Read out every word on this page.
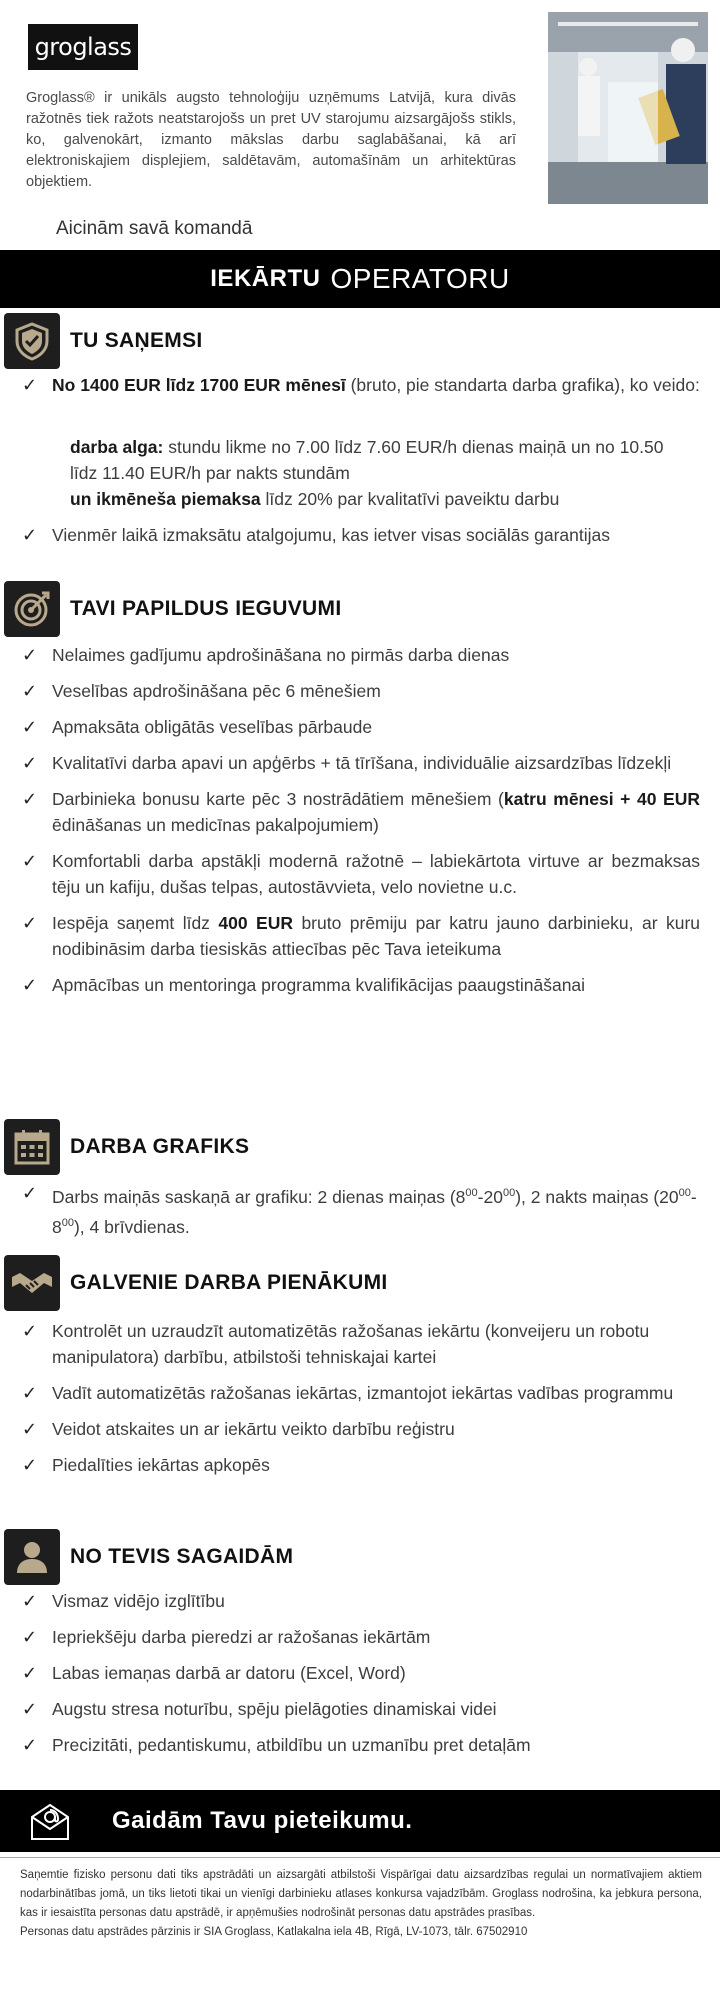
groglass

Groglass® ir unikāls augsto tehnoloģiju uzņēmums Latvijā, kura divās ražotnēs tiek ražots neatstarojošs un pret UV starojumu aizsargājošs stikls, ko, galvenokārt, izmanto mākslas darbu saglabāšanai, kā arī elektroniskajiem displejiem, saldētavām, automašīnām un arhitektūras objektiem.

Aicinām savā komandā
IEKĀRTU OPERATORU
TU SAŅEMSI
✓ No 1400 EUR līdz 1700 EUR mēnesī (bruto, pie standarta darba grafika), ko veido:
darba alga: stundu likme no 7.00 līdz 7.60 EUR/h dienas maiņā un no 10.50 līdz 11.40 EUR/h par nakts stundām
un ikmēneša piemaksa līdz 20% par kvalitatīvi paveiktu darbu
✓ Vienmēr laikā izmaksātu atalgojumu, kas ietver visas sociālās garantijas
TAVI PAPILDUS IEGUVUMI
✓ Nelaimes gadījumu apdrošināšana no pirmās darba dienas
✓ Veselības apdrošināšana pēc 6 mēnešiem
✓ Apmaksāta obligātās veselības pārbaude
✓ Kvalitatīvi darba apavi un apģērbs + tā tīrīšana, individuālie aizsardzības līdzekļi
✓ Darbinieka bonusu karte pēc 3 nostrādātiem mēnešiem (katru mēnesi + 40 EUR ēdināšanas un medicīnas pakalpojumiem)
✓ Komfortabli darba apstākļi modernā ražotnē – labiekārtota virtuve ar bezmaksas tēju un kafiju, dušas telpas, autostāvvieta, velo novietne u.c.
✓ Iespēja saņemt līdz 400 EUR bruto prēmiju par katru jauno darbinieku, ar kuru nodibināsim darba tiesiskās attiecības pēc Tava ieteikuma
✓ Apmācības un mentoringa programma kvalifikācijas paaugstināšanai
DARBA GRAFIKS
✓ Darbs maiņās saskaņā ar grafiku: 2 dienas maiņas $(8^{00}-20^{00})$, 2 nakts maiņas $(20^{00}-8^{00})$, 4 brīvdienas.
GALVENIE DARBA PIENĀKUMI
✓ Kontrolēt un uzraudzīt automatizētās ražošanas iekārtu (konveijeru un robotu manipulatora) darbību, atbilstoši tehniskajai kartei
✓ Vadīt automatizētās ražošanas iekārtas, izmantojot iekārtas vadības programmu
✓ Veidot atskaites un ar iekārtu veikto darbību reģistru
✓ Piedalīties iekārtas apkopēs
NO TEVIS SAGAIDĀM
✓ Vismaz vidējo izglītību
✓ Iepriekšēju darba pieredzi ar ražošanas iekārtām
✓ Labas iemaņas darbā ar datoru (Excel, Word)
✓ Augstu stresa noturību, spēju pielāgoties dinamiskai videi
✓ Precizitāti, pedantiskumu, atbildību un uzmanību pret detaļām
Gaidām Tavu pieteikumu.
Saņemtie fizisko personu dati tiks apstrādāti un aizsargāti atbilstoši Vispārīgai datu aizsardzības regulai un normatīvajiem aktiem nodarbinātības jomā, un tiks lietoti tikai un vienīgi darbinieku atlases konkursa vajadzībām. Groglass nodrošina, ka jebkura persona, kas ir iesaistīta personas datu apstrādē, ir apņēmušies nodrošināt personas datu apstrādes prasības.
Personas datu apstrādes pārzinis ir SIA Groglass, Katlakalna iela 4B, Rīgā, LV-1073, tālr. 67502910
